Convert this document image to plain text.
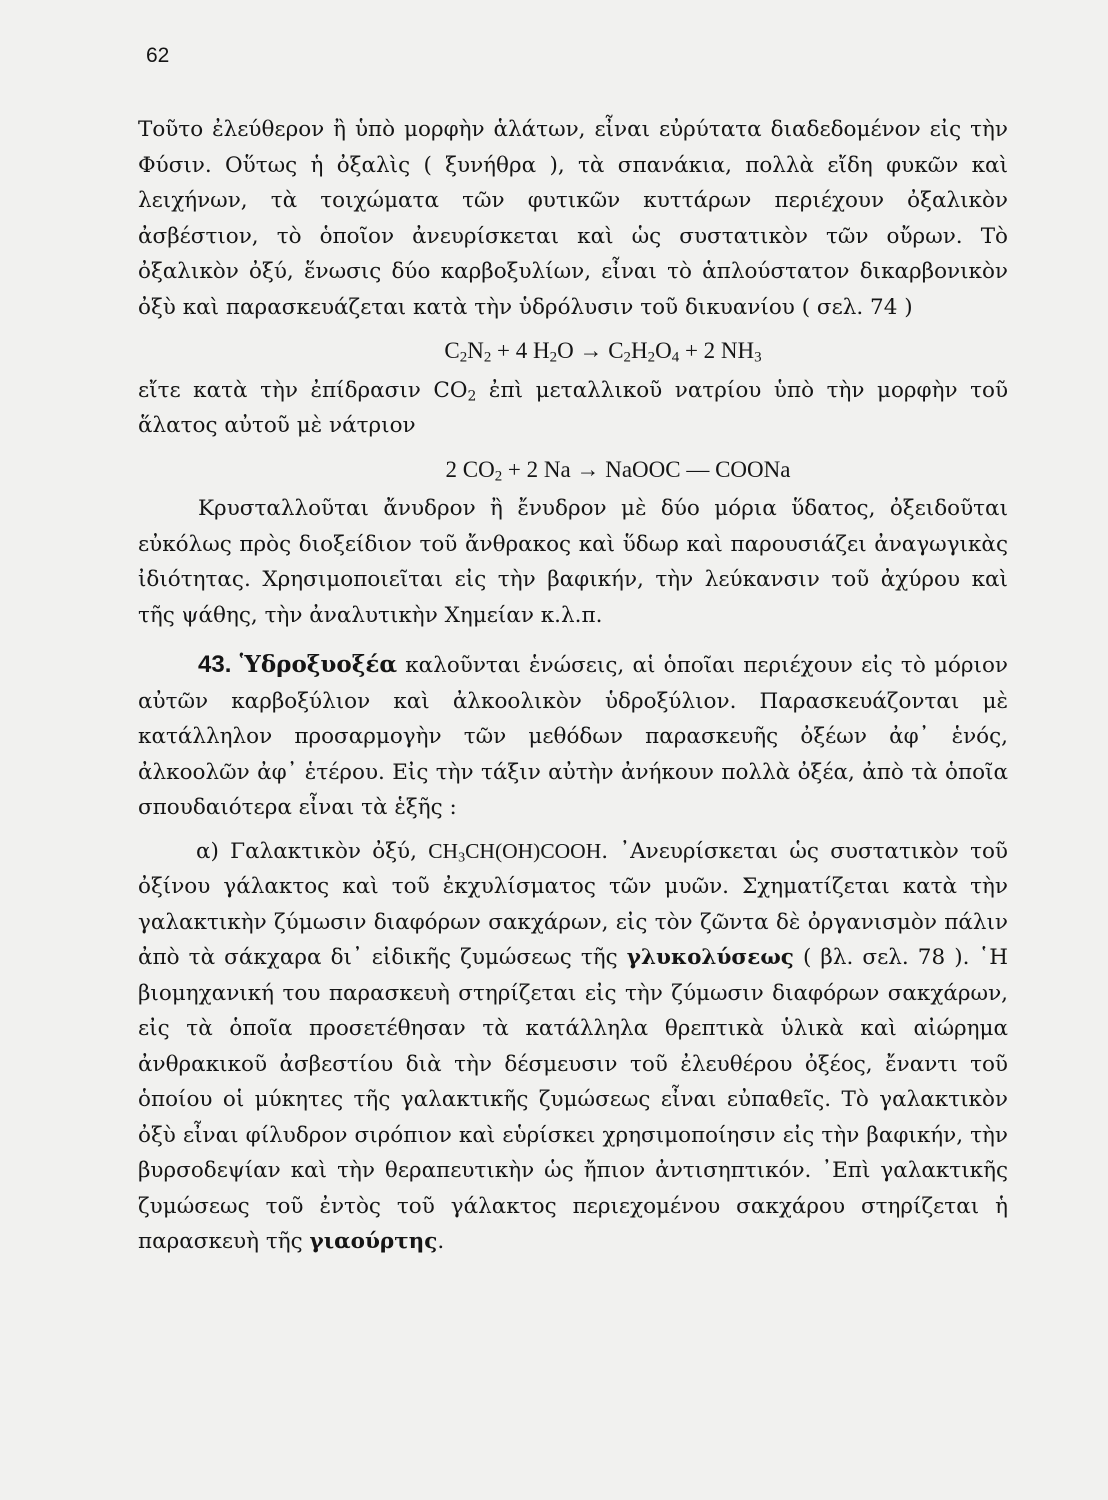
62

Τοῦτο ἐλεύθερον ἢ ὑπὸ μορφὴν ἁλάτων, εἶναι εὐρύτατα διαδεδομένον εἰς τὴν Φύσιν. Οὕτως ἡ ὀξαλὶς ( ξυνήθρα ), τὰ σπανάκια, πολλὰ εἴδη φυκῶν καὶ λειχήνων, τὰ τοιχώματα τῶν φυτικῶν κυττάρων περιέχουν ὀξαλικὸν ἀσβέστιον, τὸ ὁποῖον ἀνευρίσκεται καὶ ὡς συστατικὸν τῶν οὔρων. Τὸ ὀξαλικὸν ὀξύ, ἕνωσις δύο καρβοξυλίων, εἶναι τὸ ἁπλούστατον δικαρβονικὸν ὀξὺ καὶ παρασκευάζεται κατὰ τὴν ὑδρόλυσιν τοῦ δικυανίου ( σελ. 74 )

$C_2N_2 + 4$ $H_2O \to C_2H_2O_4 + 2$ $NH_3$

εἴτε κατὰ τὴν ἐπίδρασιν $CO_2$ ἐπὶ μεταλλικοῦ νατρίου ὑπὸ τὴν μορφὴν τοῦ ἅλατος αὐτοῦ μὲ νάτριον

2 $CO_2 + 2$ Na → NaOOC — COONa

Κρυσταλλοῦται ἄνυδρον ἢ ἔνυδρον μὲ δύο μόρια ὕδατος, ὀξειδοῦται εὐκόλως πρὸς διοξείδιον τοῦ ἄνθρακος καὶ ὕδωρ καὶ παρουσιάζει ἀναγωγικὰς ἰδιότητας. Χρησιμοποιεῖται εἰς τὴν βαφικήν, τὴν λεύκανσιν τοῦ ἀχύρου καὶ τῆς ψάθης, τὴν ἀναλυτικὴν Χημείαν κ.λ.π.

43. Ὑδροξυοξέα καλοῦνται ἑνώσεις, αἱ ὁποῖαι περιέχουν εἰς τὸ μόριον αὐτῶν καρβοξύλιον καὶ ἀλκοολικὸν ὑδροξύλιον. Παρασκευάζονται μὲ κατάλληλον προσαρμογὴν τῶν μεθόδων παρασκευῆς ὀξέων ἀφ᾽ ἑνός, ἀλκοολῶν ἀφ᾽ ἑτέρου. Εἰς τὴν τάξιν αὐτὴν ἀνήκουν πολλὰ ὀξέα, ἀπὸ τὰ ὁποῖα σπουδαιότερα εἶναι τὰ ἑξῆς :

α) Γαλακτικὸν ὀξύ, $CH_3CH(OH)COOH$. ᾽Ανευρίσκεται ὡς συστατικὸν τοῦ ὀξίνου γάλακτος καὶ τοῦ ἐκχυλίσματος τῶν μυῶν. Σχηματίζεται κατὰ τὴν γαλακτικὴν ζύμωσιν διαφόρων σακχάρων, εἰς τὸν ζῶντα δὲ ὀργανισμὸν πάλιν ἀπὸ τὰ σάκχαρα δι᾽ εἰδικῆς ζυμώσεως τῆς γλυκολύσεως ( βλ. σελ. 78 ). ῾Η βιομηχανική του παρασκευὴ στηρίζεται εἰς τὴν ζύμωσιν διαφόρων σακχάρων, εἰς τὰ ὁποῖα προσετέθησαν τὰ κατάλληλα θρεπτικὰ ὑλικὰ καὶ αἰώρημα ἀνθρακικοῦ ἀσβεστίου διὰ τὴν δέσμευσιν τοῦ ἐλευθέρου ὀξέος, ἔναντι τοῦ ὁποίου οἱ μύκητες τῆς γαλακτικῆς ζυμώσεως εἶναι εὐπαθεῖς. Τὸ γαλακτικὸν ὀξὺ εἶναι φίλυδρον σιρόπιον καὶ εὑρίσκει χρησιμοποίησιν εἰς τὴν βαφικήν, τὴν βυρσοδεψίαν καὶ τὴν θεραπευτικὴν ὡς ἤπιον ἀντισηπτικόν. ᾽Επὶ γαλακτικῆς ζυμώσεως τοῦ ἐντὸς τοῦ γάλακτος περιεχομένου σακχάρου στηρίζεται ἡ παρασκευὴ τῆς γιαούρτης.
